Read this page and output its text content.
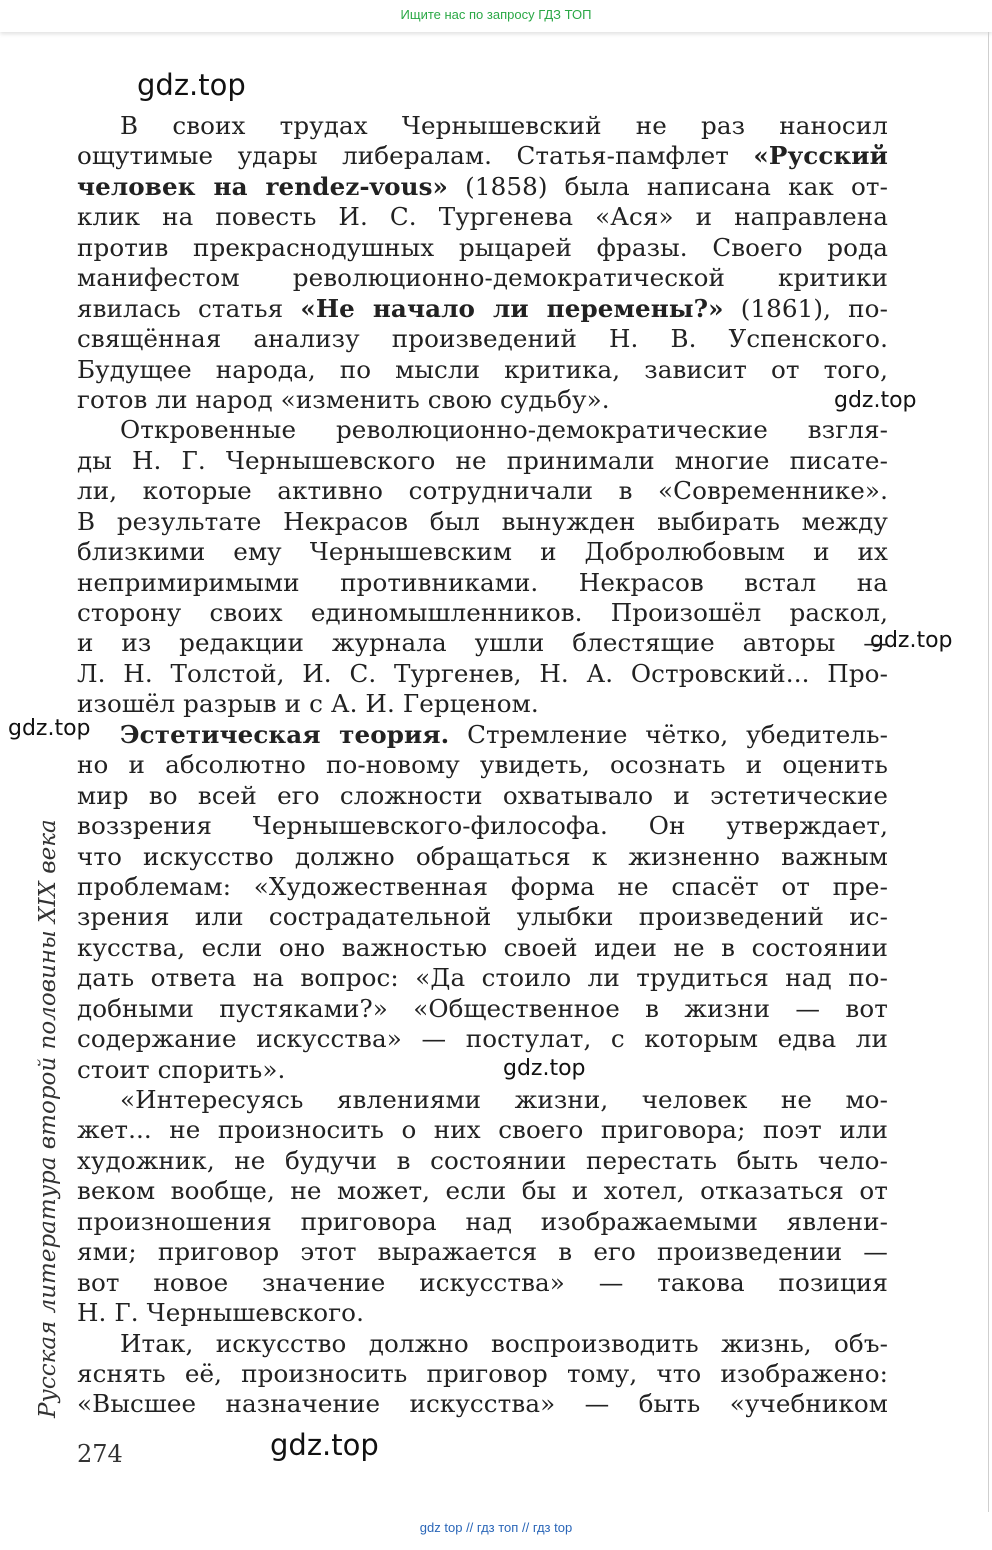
Ищите нас по запросу ГДЗ ТОП
gdz.top
gdz.top
gdz.top
gdz.top
gdz.top
gdz.top
Русская литература второй половины XIX века
В своих трудах Чернышевский не раз наносил
ощутимые удары либералам. Статья-памфлет «Русский
человек на rendez-vous» (1858) была написана как от-
клик на повесть И. С. Тургенева «Ася» и направлена
против прекраснодушных рыцарей фразы. Своего рода
манифестом революционно-демократической критики
явилась статья «Не начало ли перемены?» (1861), по-
свящённая анализу произведений Н. В. Успенского.
Будущее народа, по мысли критика, зависит от того,
готов ли народ «изменить свою судьбу».
Откровенные революционно-демократические взгля-
ды Н. Г. Чернышевского не принимали многие писате-
ли, которые активно сотрудничали в «Современнике».
В результате Некрасов был вынужден выбирать между
близкими ему Чернышевским и Добролюбовым и их
непримиримыми противниками. Некрасов встал на
сторону своих единомышленников. Произошёл раскол,
и из редакции журнала ушли блестящие авторы —
Л. Н. Толстой, И. С. Тургенев, Н. А. Островский... Про-
изошёл разрыв и с А. И. Герценом.
Эстетическая теория. Стремление чётко, убедитель-
но и абсолютно по-новому увидеть, осознать и оценить
мир во всей его сложности охватывало и эстетические
воззрения Чернышевского-философа. Он утверждает,
что искусство должно обращаться к жизненно важным
проблемам: «Художественная форма не спасёт от пре-
зрения или сострадательной улыбки произведений ис-
кусства, если оно важностью своей идеи не в состоянии
дать ответа на вопрос: «Да стоило ли трудиться над по-
добными пустяками?» «Общественное в жизни — вот
содержание искусства» — постулат, с которым едва ли
стоит спорить».
«Интересуясь явлениями жизни, человек не мо-
жет... не произносить о них своего приговора; поэт или
художник, не будучи в состоянии перестать быть чело-
веком вообще, не может, если бы и хотел, отказаться от
произношения приговора над изображаемыми явлени-
ями; приговор этот выражается в его произведении —
вот новое значение искусства» — такова позиция
Н. Г. Чернышевского.
Итак, искусство должно воспроизводить жизнь, объ-
яснять её, произносить приговор тому, что изображено:
«Высшее назначение искусства» — быть «учебником
274
gdz top // гдз топ // гдз top
